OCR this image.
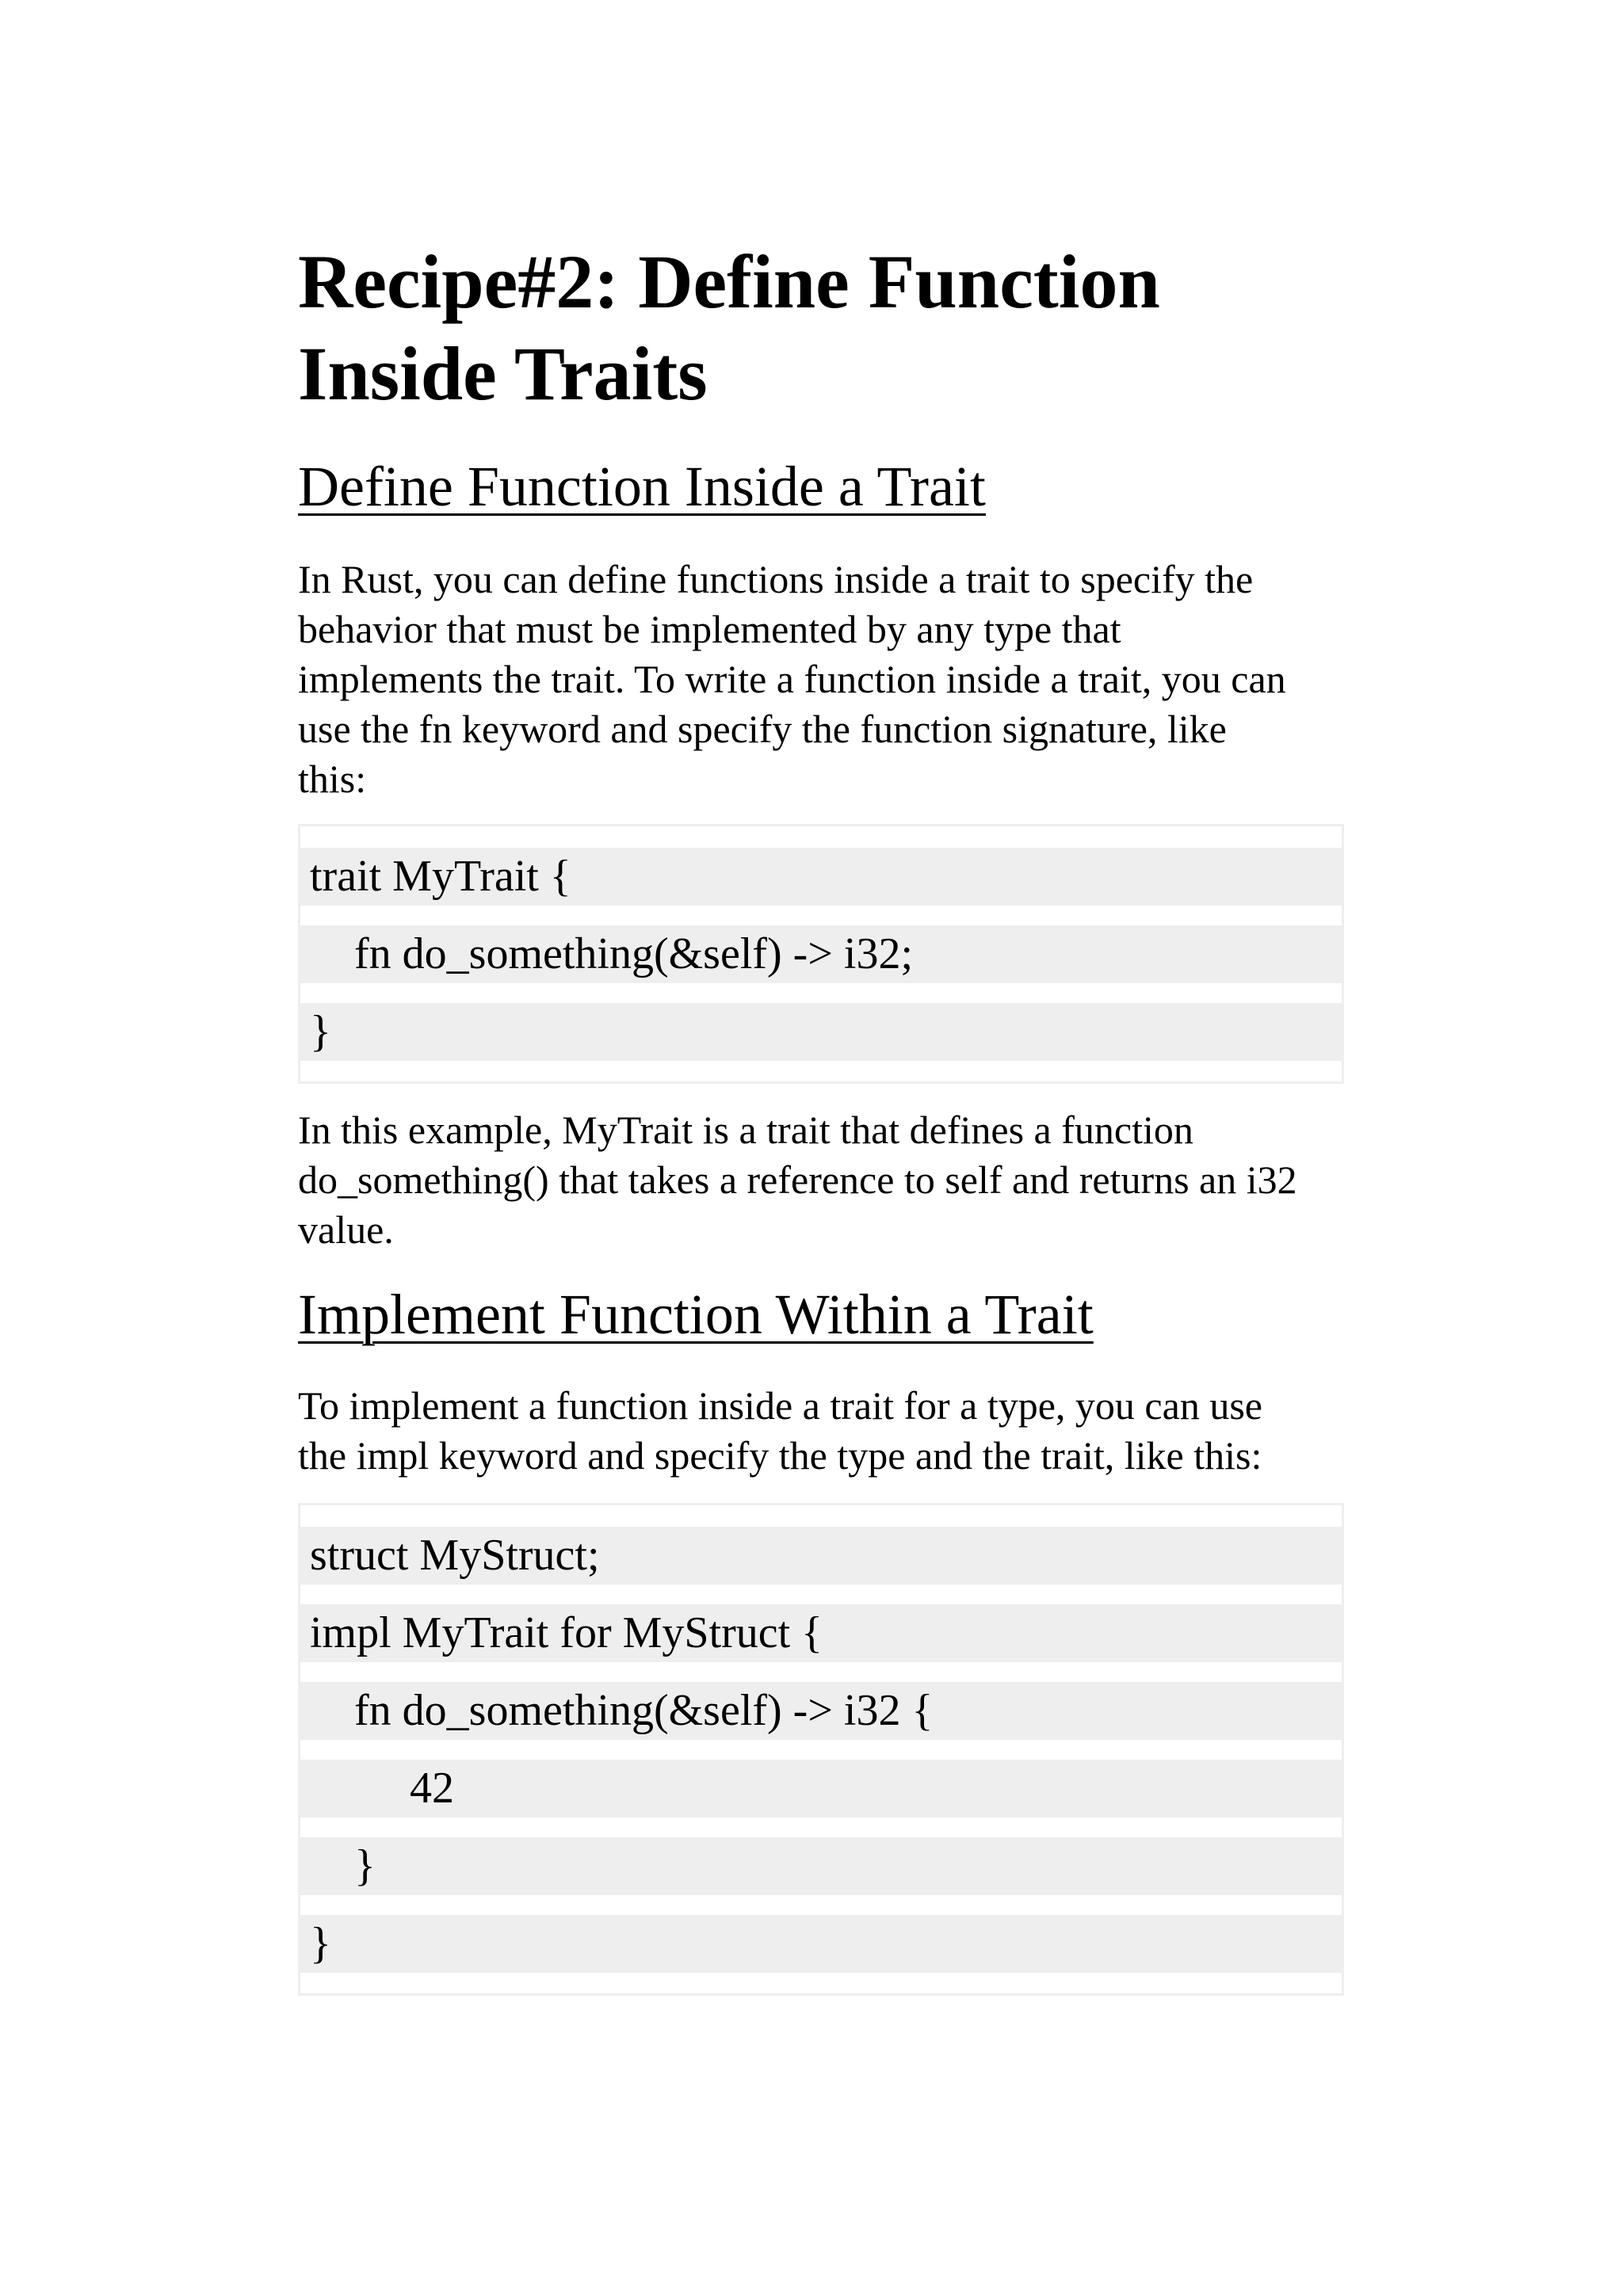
Recipe#2: Define Function Inside Traits
Define Function Inside a Trait

In Rust, you can define functions inside a trait to specify the
behavior that must be implemented by any type that
implements the trait. To write a function inside a trait, you can
use the fn keyword and specify the function signature, like
this:

trait MyTrait {
fn do_something(&self) -> i32;
}

In this example, MyTrait is a trait that defines a function
do_something() that takes a reference to self and returns an i32
value.

Implement Function Within a Trait

To implement a function inside a trait for a type, you can use
the impl keyword and specify the type and the trait, like this:

struct MyStruct;
impl MyTrait for MyStruct {
fn do_something(&self) -> i32 {
42
}
}
